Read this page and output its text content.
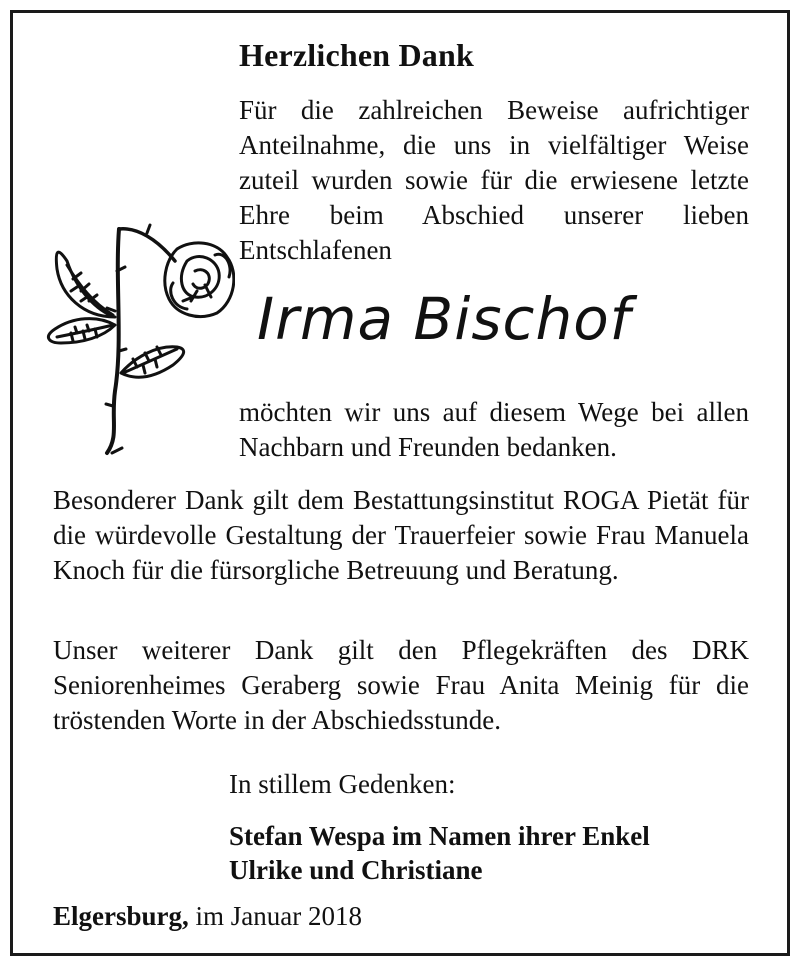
Herzlichen Dank
Für die zahlreichen Beweise aufrichtiger Anteilnahme, die uns in vielfältiger Weise zuteil wurden sowie für die erwiesene letzte Ehre beim Abschied unserer lieben Entschlafenen
Irma Bischof
möchten wir uns auf diesem Wege bei allen Nachbarn und Freunden bedanken.
Besonderer Dank gilt dem Bestattungsinstitut ROGA Pietät für die würdevolle Gestaltung der Trauerfeier sowie Frau Manuela Knoch für die fürsorgliche Betreuung und Beratung.
Unser weiterer Dank gilt den Pflegekräften des DRK Seniorenheimes Geraberg sowie Frau Anita Meinig für die tröstenden Worte in der Abschiedsstunde.
In stillem Gedenken:
Stefan Wespa im Namen ihrer Enkel
Ulrike und Christiane
Elgersburg, im Januar 2018
